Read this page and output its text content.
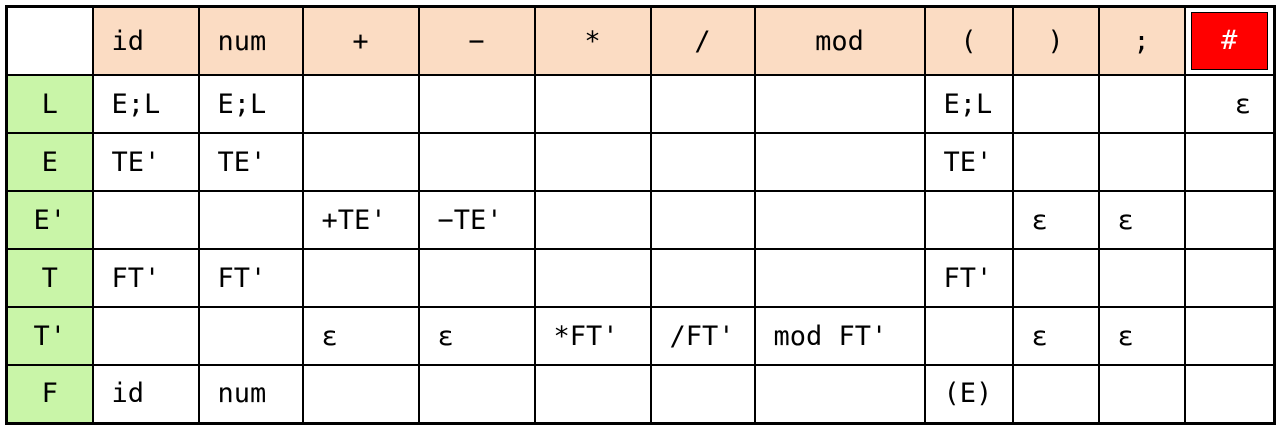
	id	num	+	−	*	/	mod	(	)	;	#

L	E;L	E;L						E;L			ε
E	TE'	TE'						TE'			
E'			+TE'	−TE'					ε	ε	
T	FT'	FT'						FT'			
T'			ε	ε	*FT'	/FT'	mod FT'		ε	ε	
F	id	num						(E)			
